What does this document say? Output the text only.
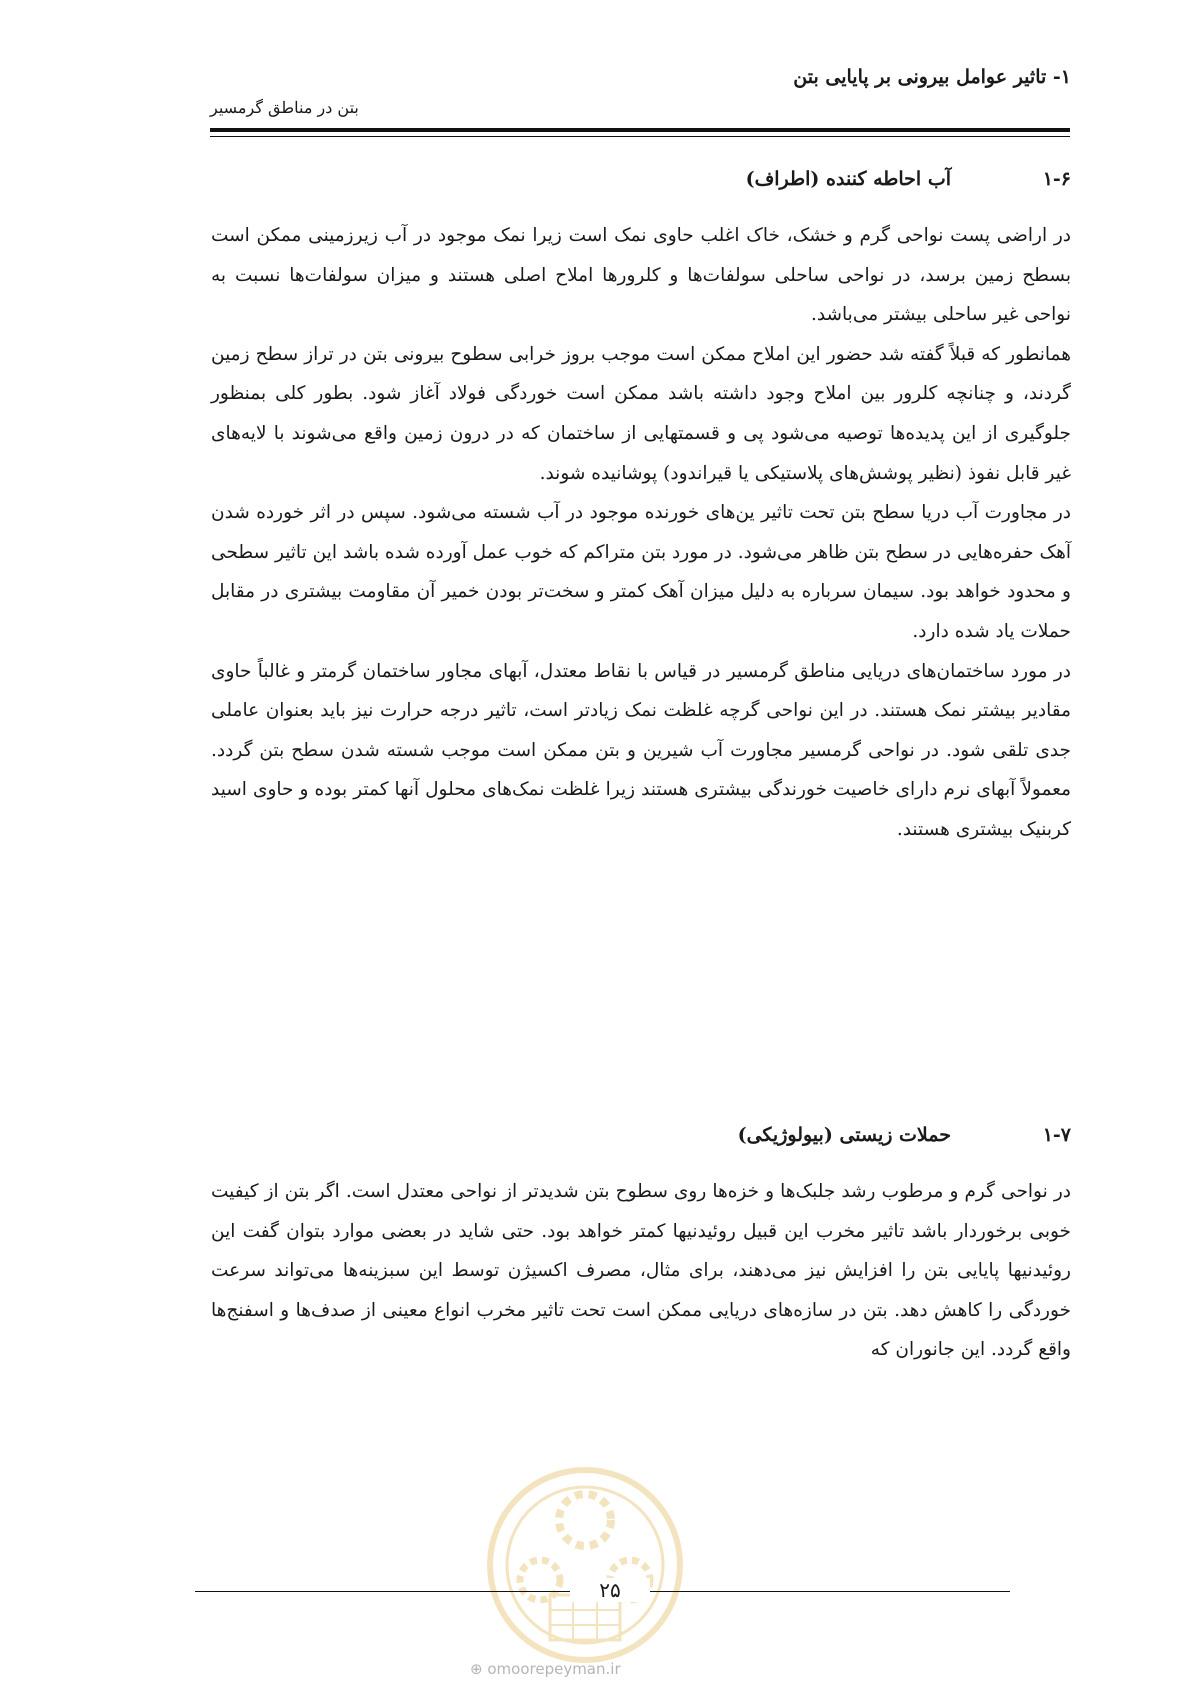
۱- تاثیر عوامل بیرونی بر پایایی بتن
بتن در مناطق گرمسیر
۱-۶
آب احاطه کننده (اطراف)

در اراضی پست نواحی گرم و خشک، خاک اغلب حاوی نمک است زیرا نمک موجود در آب زیرزمینی ممکن است بسطح زمین برسد، در نواحی ساحلی سولفات‌ها و کلرورها املاح اصلی هستند و میزان سولفات‌ها نسبت به نواحی غیر ساحلی بیشتر می‌باشد.

همانطور که قبلاً گفته شد حضور این املاح ممکن است موجب بروز خرابی سطوح بیرونی بتن در تراز سطح زمین گردند، و چنانچه کلرور بین املاح وجود داشته باشد ممکن است خوردگی فولاد آغاز شود. بطور کلی بمنظور جلوگیری از این پدیده‌ها توصیه می‌شود پی و قسمتهایی از ساختمان که در درون زمین واقع می‌شوند با لایه‌های غیر قابل نفوذ (نظیر پوشش‌های پلاستیکی یا قیراندود) پوشانیده شوند.

در مجاورت آب دریا سطح بتن تحت تاثیر ین‌های خورنده موجود در آب شسته می‌شود. سپس در اثر خورده شدن آهک حفره‌هایی در سطح بتن ظاهر می‌شود. در مورد بتن متراکم که خوب عمل آورده شده باشد این تاثیر سطحی و محدود خواهد بود. سیمان سرباره به دلیل میزان آهک کمتر و سخت‌تر بودن خمیر آن مقاومت بیشتری در مقابل حملات یاد شده دارد.

در مورد ساختمان‌های دریایی مناطق گرمسیر در قیاس با نقاط معتدل، آبهای مجاور ساختمان گرمتر و غالباً حاوی مقادیر بیشتر نمک هستند. در این نواحی گرچه غلظت نمک زیادتر است، تاثیر درجه حرارت نیز باید بعنوان عاملی جدی تلقی شود. در نواحی گرمسیر مجاورت آب شیرین و بتن ممکن است موجب شسته شدن سطح بتن گردد. معمولاً آبهای نرم دارای خاصیت خورندگی بیشتری هستند زیرا غلظت نمک‌های محلول آنها کمتر بوده و حاوی اسید کربنیک بیشتری هستند.

۱-۷
حملات زیستی (بیولوژیکی)

در نواحی گرم و مرطوب رشد جلبک‌ها و خزه‌ها روی سطوح بتن شدیدتر از نواحی معتدل است. اگر بتن از کیفیت خوبی برخوردار باشد تاثیر مخرب این قبیل روئیدنیها کمتر خواهد بود. حتی شاید در بعضی موارد بتوان گفت این روئیدنیها پایایی بتن را افزایش نیز می‌دهند، برای مثال، مصرف اکسیژن توسط این سبزینه‌ها می‌تواند سرعت خوردگی را کاهش دهد. بتن در سازه‌های دریایی ممکن است تحت تاثیر مخرب انواع معینی از صدف‌ها و اسفنج‌ها واقع گردد. این جانوران که

۲۵
⊕ omoorepeyman.ir
